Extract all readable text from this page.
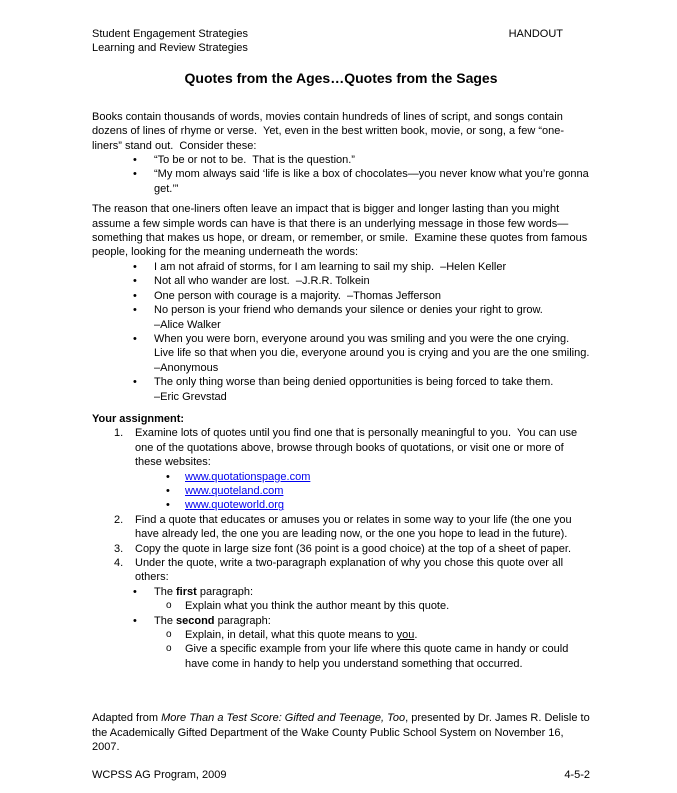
Student Engagement Strategies
Learning and Review Strategies
HANDOUT
Quotes from the Ages…Quotes from the Sages

Books contain thousands of words, movies contain hundreds of lines of script, and songs contain dozens of lines of rhyme or verse.  Yet, even in the best written book, movie, or song, a few “one-liners” stand out.  Consider these:

•	“To be or not to be.  That is the question.”
•	“My mom always said ‘life is like a box of chocolates—you never know what you’re gonna get.’”

The reason that one-liners often leave an impact that is bigger and longer lasting than you might assume a few simple words can have is that there is an underlying message in those few words—something that makes us hope, or dream, or remember, or smile.  Examine these quotes from famous people, looking for the meaning underneath the words:

•	I am not afraid of storms, for I am learning to sail my ship.  –Helen Keller
•	Not all who wander are lost.  –J.R.R. Tolkein
•	One person with courage is a majority.  –Thomas Jefferson
•	No person is your friend who demands your silence or denies your right to grow.
–Alice Walker
•	When you were born, everyone around you was smiling and you were the one crying.
Live life so that when you die, everyone around you is crying and you are the one smiling.  –Anonymous
•	The only thing worse than being denied opportunities is being forced to take them.
–Eric Grevstad
Your assignment:
1.	Examine lots of quotes until you find one that is personally meaningful to you.  You can use one of the quotations above, browse through books of quotations, or visit one or more of these websites:
•	www.quotationspage.com
•	www.quoteland.com
•	www.quoteworld.org
2.	Find a quote that educates or amuses you or relates in some way to your life (the one you have already led, the one you are leading now, or the one you hope to lead in the future).
3.	Copy the quote in large size font (36 point is a good choice) at the top of a sheet of paper.
4.	Under the quote, write a two-paragraph explanation of why you chose this quote over all others:
•	The first paragraph:
o	Explain what you think the author meant by this quote.
•	The second paragraph:
o	Explain, in detail, what this quote means to you.
o	Give a specific example from your life where this quote came in handy or could have come in handy to help you understand something that occurred.

Adapted from More Than a Test Score: Gifted and Teenage, Too, presented by Dr. James R. Delisle to the Academically Gifted Department of the Wake County Public School System on November 16, 2007.

WCPSS AG Program, 2009	4-5-2
